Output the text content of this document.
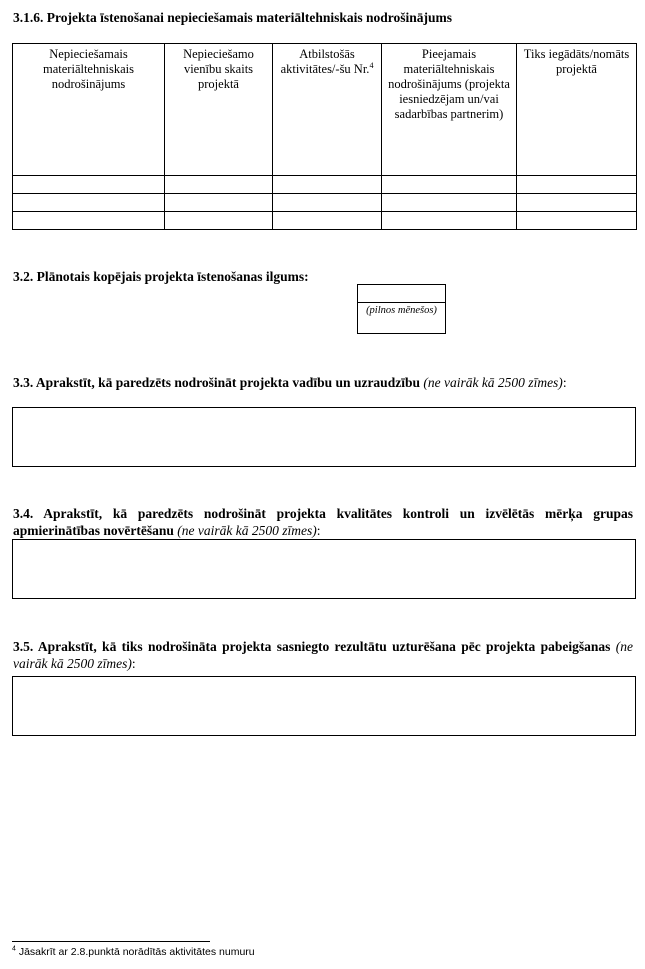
3.1.6. Projekta īstenošanai nepieciešamais materiāltehniskais nodrošinājums
Nepieciešamais materiāltehniskais nodrošinājums	Nepieciešamo vienību skaits projektā	Atbilstošās aktivitātes/-šu Nr.$^4$	Pieejamais materiāltehniskais nodrošinājums (projekta iesniedzējam un/vai sadarbības partnerim)	Tiks iegādāts/nomāts projektā

3.2. Plānotais kopējais projekta īstenošanas ilgums:
(pilnos mēnešos)
3.3. Aprakstīt, kā paredzēts nodrošināt projekta vadību un uzraudzību (ne vairāk kā 2500 zīmes):
3.4. Aprakstīt, kā paredzēts nodrošināt projekta kvalitātes kontroli un izvēlētās mērķa grupas apmierinātības novērtēšanu (ne vairāk kā 2500 zīmes):
3.5. Aprakstīt, kā tiks nodrošināta projekta sasniegto rezultātu uzturēšana pēc projekta pabeigšanas (ne vairāk kā 2500 zīmes):
$^4$ Jāsakrīt ar 2.8.punktā norādītās aktivitātes numuru
